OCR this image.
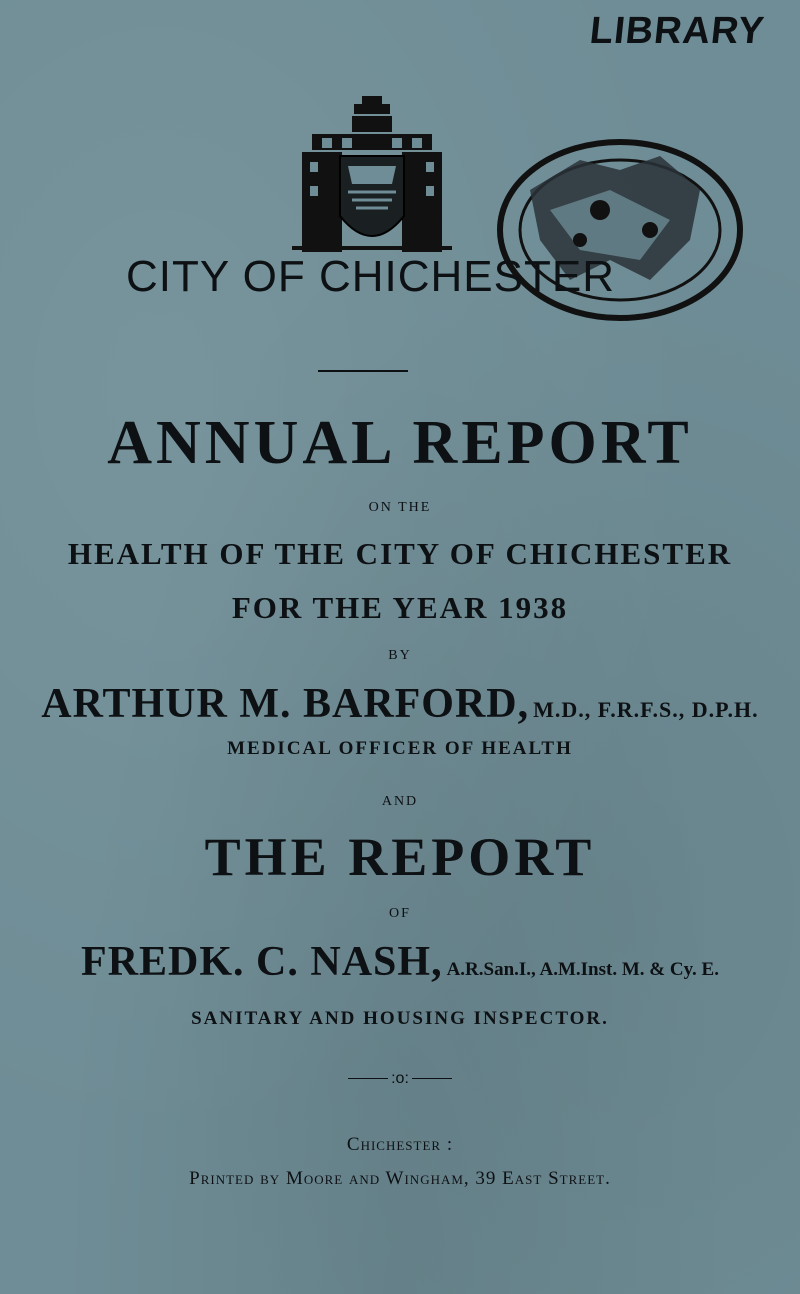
LIBRARY
CITY OF CHICHESTER
ANNUAL REPORT
ON THE
HEALTH OF THE CITY OF CHICHESTER
FOR THE YEAR 1938
BY
ARTHUR M. BARFORD, M.D., F.R.F.S., D.P.H.
MEDICAL OFFICER OF HEALTH
AND
THE REPORT
OF
FREDK. C. NASH, A.R.San.I., A.M.Inst. M. & Cy. E.
SANITARY AND HOUSING INSPECTOR.
:o:
Chichester :
Printed by Moore and Wingham, 39 East Street.
